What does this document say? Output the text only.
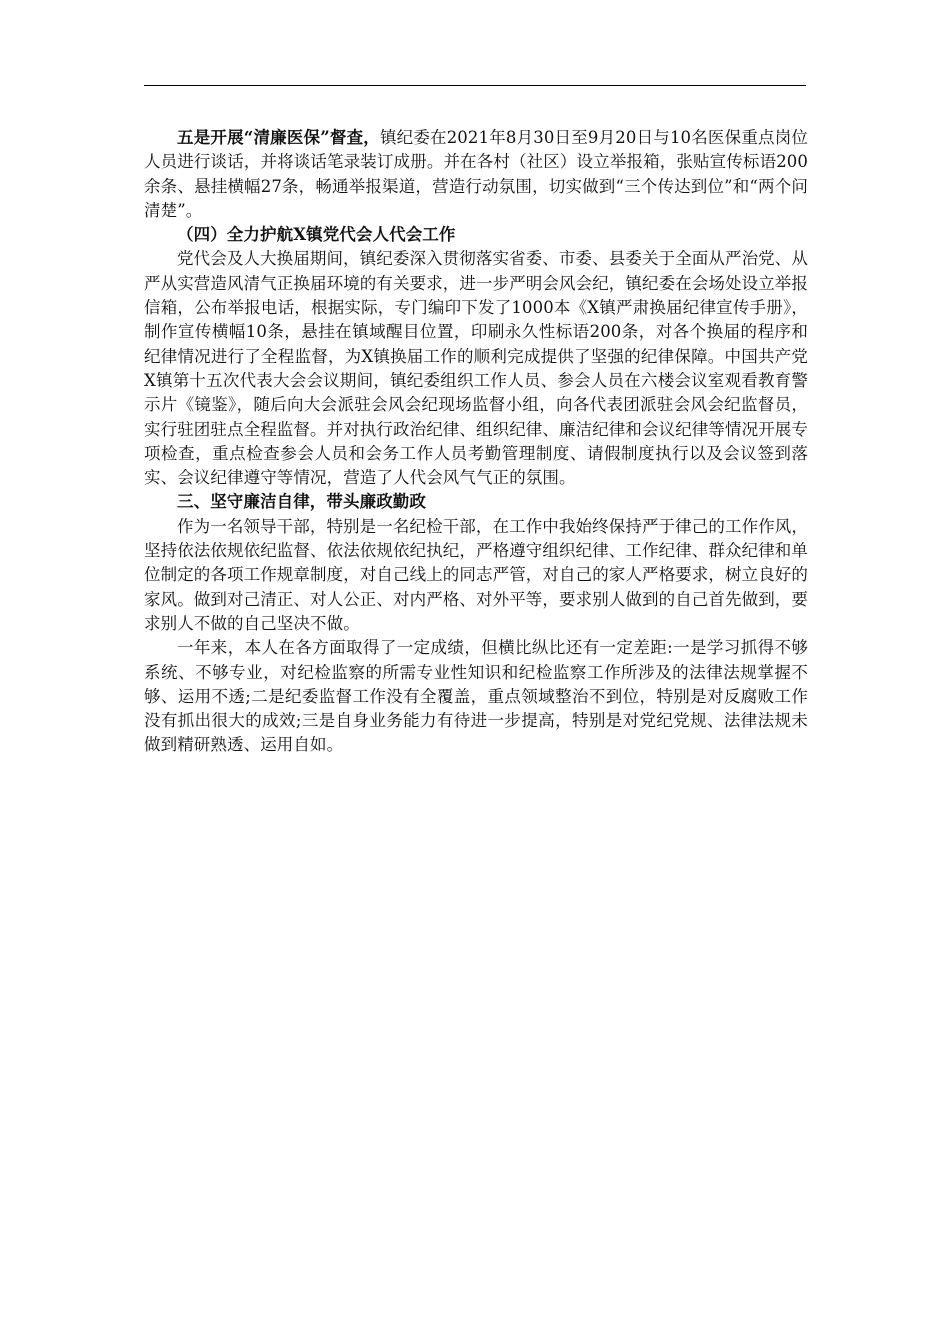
五是开展“清廉医保”督查，镇纪委在2021年8月30日至9月20日与10名医保重点岗位人员进行谈话，并将谈话笔录装订成册。并在各村（社区）设立举报箱，张贴宣传标语200余条、悬挂横幅27条，畅通举报渠道，营造行动氛围，切实做到“三个传达到位”和“两个问清楚”。

（四）全力护航X镇党代会人代会工作

党代会及人大换届期间，镇纪委深入贯彻落实省委、市委、县委关于全面从严治党、从严从实营造风清气正换届环境的有关要求，进一步严明会风会纪，镇纪委在会场处设立举报信箱，公布举报电话，根据实际，专门编印下发了1000本《X镇严肃换届纪律宣传手册》，制作宣传横幅10条，悬挂在镇域醒目位置，印刷永久性标语200条，对各个换届的程序和纪律情况进行了全程监督，为X镇换届工作的顺利完成提供了坚强的纪律保障。中国共产党X镇第十五次代表大会会议期间，镇纪委组织工作人员、参会人员在六楼会议室观看教育警示片《镜鉴》，随后向大会派驻会风会纪现场监督小组，向各代表团派驻会风会纪监督员，实行驻团驻点全程监督。并对执行政治纪律、组织纪律、廉洁纪律和会议纪律等情况开展专项检查，重点检查参会人员和会务工作人员考勤管理制度、请假制度执行以及会议签到落实、会议纪律遵守等情况，营造了人代会风气气正的氛围。

三、坚守廉洁自律，带头廉政勤政

作为一名领导干部，特别是一名纪检干部，在工作中我始终保持严于律己的工作作风，坚持依法依规依纪监督、依法依规依纪执纪，严格遵守组织纪律、工作纪律、群众纪律和单位制定的各项工作规章制度，对自己线上的同志严管，对自己的家人严格要求，树立良好的家风。做到对己清正、对人公正、对内严格、对外平等，要求别人做到的自己首先做到，要求别人不做的自己坚决不做。

一年来，本人在各方面取得了一定成绩，但横比纵比还有一定差距:一是学习抓得不够系统、不够专业，对纪检监察的所需专业性知识和纪检监察工作所涉及的法律法规掌握不够、运用不透;二是纪委监督工作没有全覆盖，重点领域整治不到位，特别是对反腐败工作没有抓出很大的成效;三是自身业务能力有待进一步提高，特别是对党纪党规、法律法规未做到精研熟透、运用自如。
